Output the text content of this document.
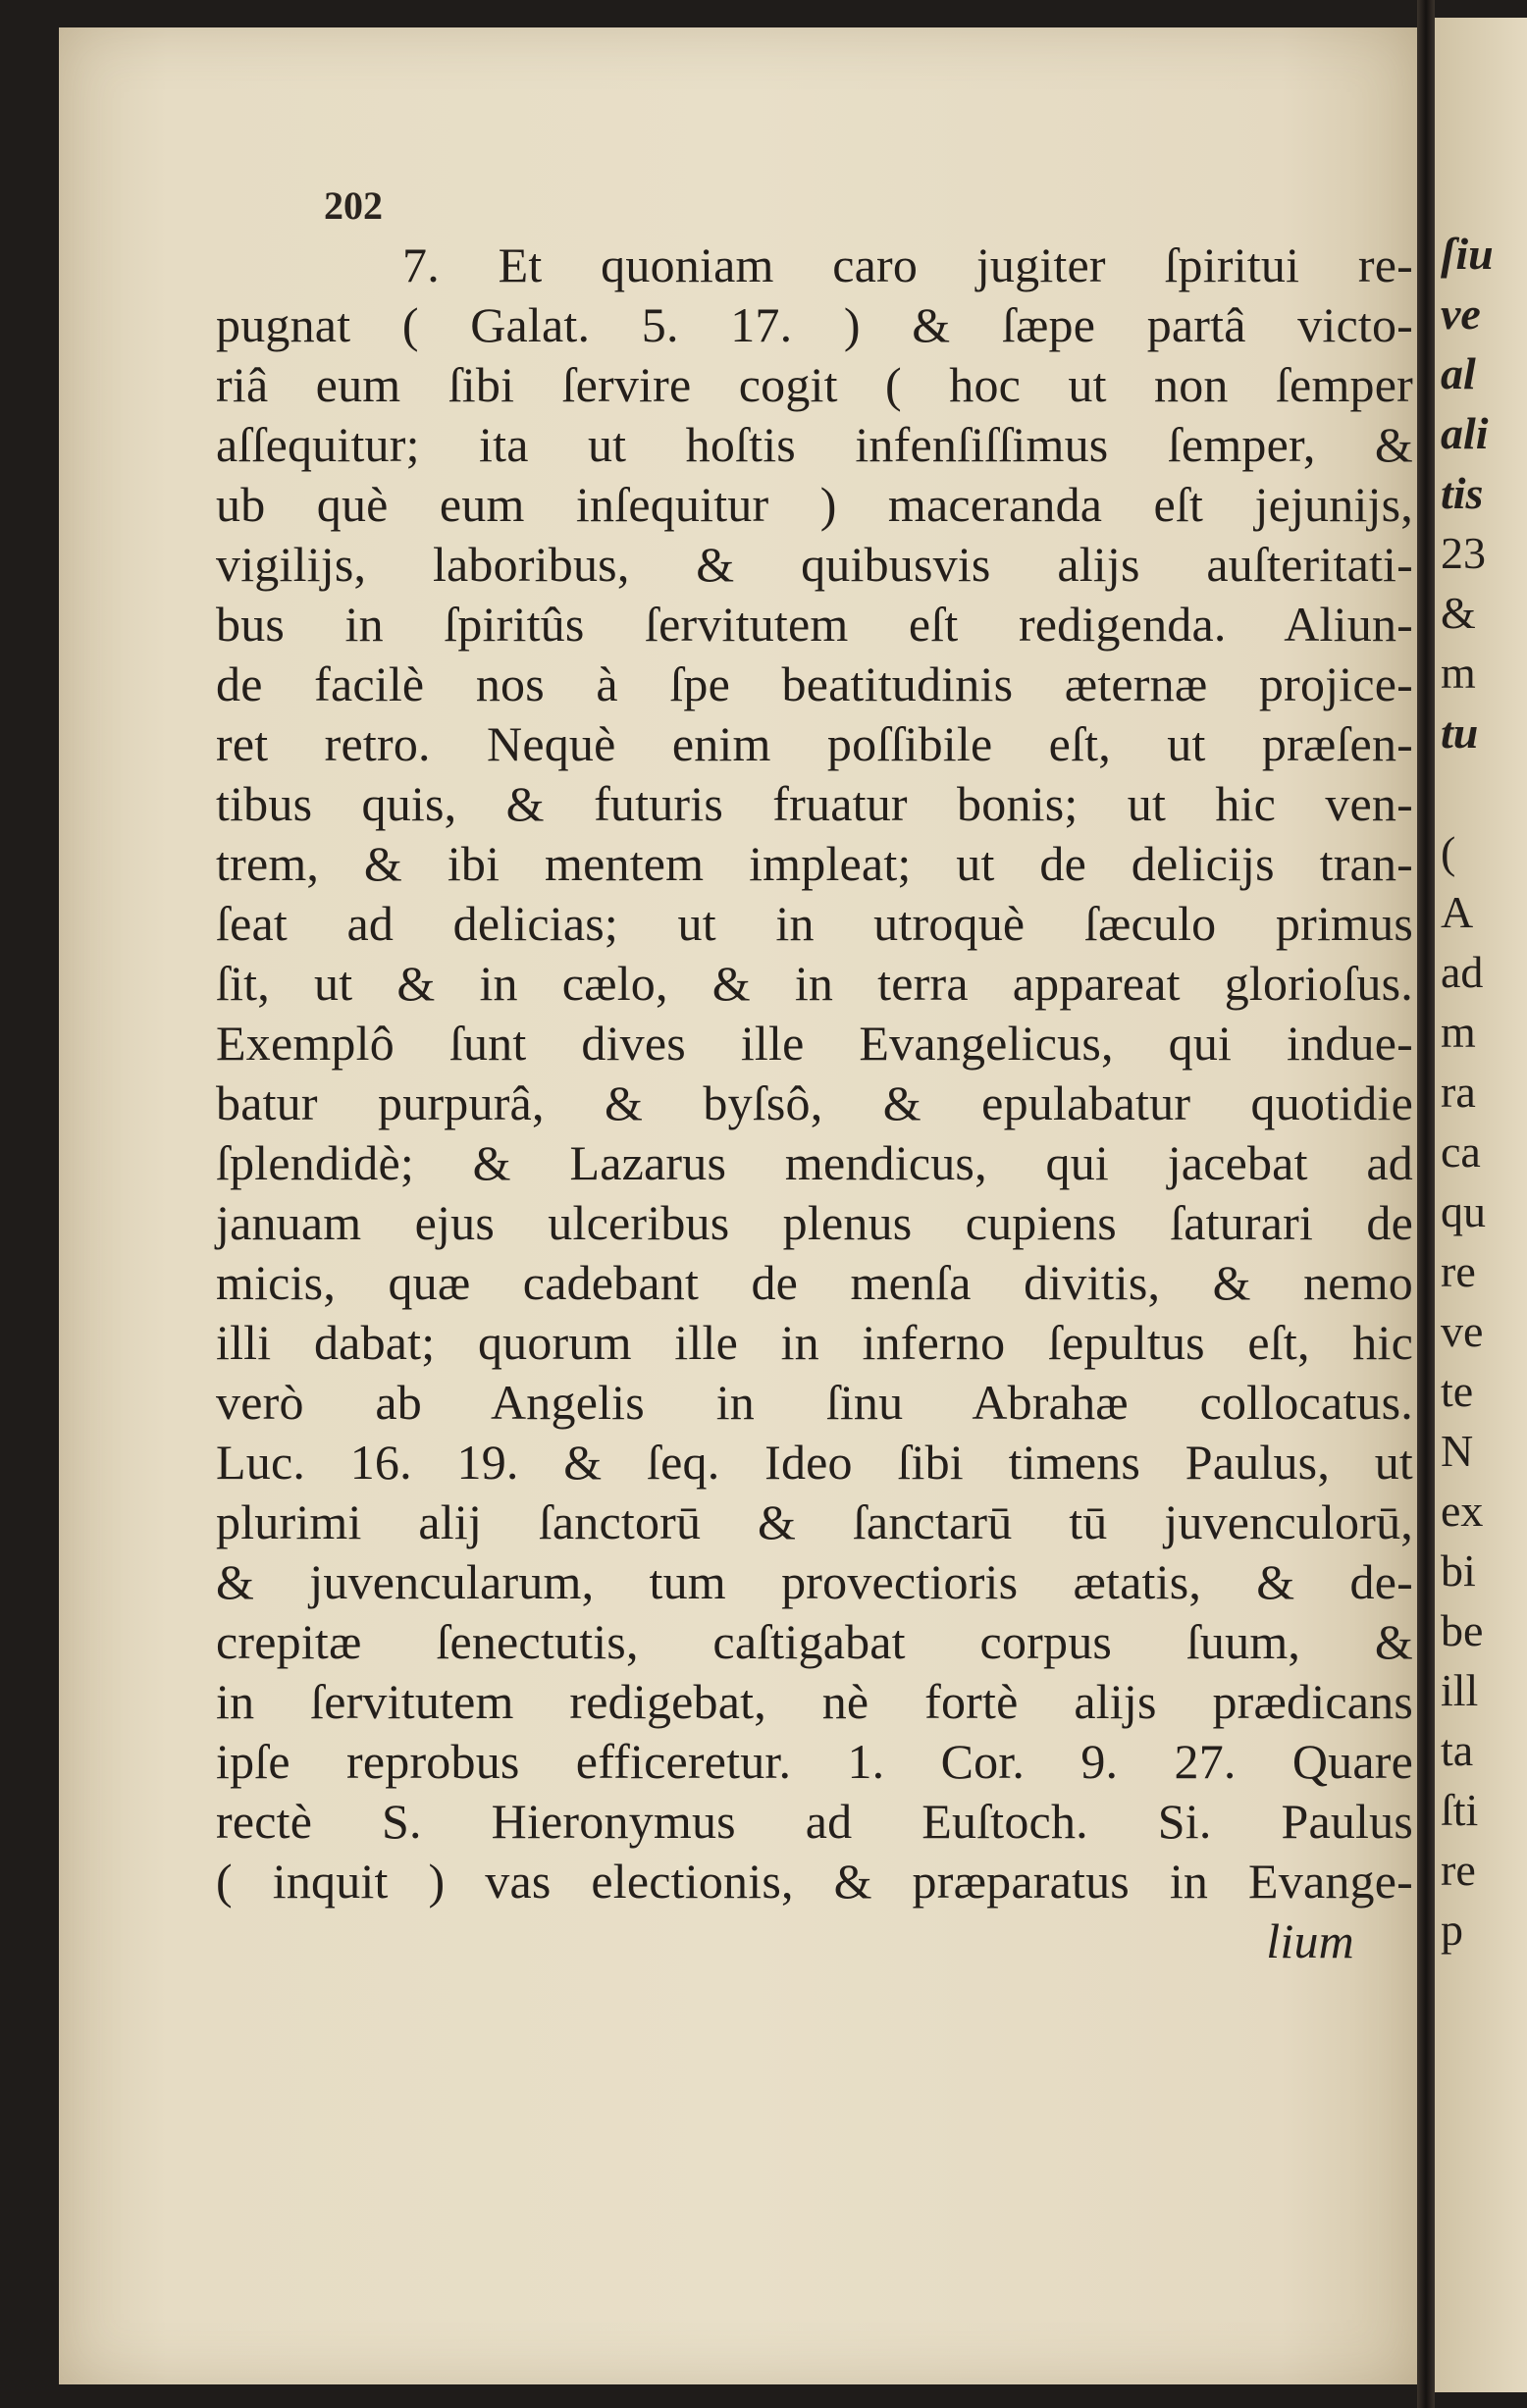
202

7. Et quoniam caro jugiter ſpiritui re-
pugnat ( Galat. 5. 17. ) & ſæpe partâ victo-
riâ eum ſibi ſervire cogit ( hoc ut non ſemper
aſſequitur; ita ut hoſtis infenſiſſimus ſemper, &
ub què eum inſequitur ) maceranda eſt jejunijs,
vigilijs, laboribus, & quibusvis alijs auſteritati-
bus in ſpiritûs ſervitutem eſt redigenda. Aliun-
de facilè nos à ſpe beatitudinis æternæ projice-
ret retro. Nequè enim poſſibile eſt, ut præſen-
tibus quis, & futuris fruatur bonis; ut hic ven-
trem, & ibi mentem impleat; ut de delicijs tran-
ſeat ad delicias; ut in utroquè ſæculo primus
ſit, ut & in cælo, & in terra appareat glorioſus.
Exemplô ſunt dives ille Evangelicus, qui indue-
batur purpurâ, & byſsô, & epulabatur quotidie
ſplendidè; & Lazarus mendicus, qui jacebat ad
januam ejus ulceribus plenus cupiens ſaturari de
micis, quæ cadebant de menſa divitis, & nemo
illi dabat; quorum ille in inferno ſepultus eſt, hic
verò ab Angelis in ſinu Abrahæ collocatus.
Luc. 16. 19. & ſeq. Ideo ſibi timens Paulus, ut
plurimi alij ſanctorū & ſanctarū tū juvenculorū,
& juvencularum, tum provectioris ætatis, & de-
crepitæ ſenectutis, caſtigabat corpus ſuum, &
in ſervitutem redigebat, nè fortè alijs prædicans
ipſe reprobus efficeretur. 1. Cor. 9. 27. Quare
rectè S. Hieronymus ad Euſtoch. Si. Paulus
( inquit ) vas electionis, & præparatus in Evange-
lium
ſiu
ve
al
ali
tis
23
&
m
tu
(
A
ad
m
ra
ca
qu
re
ve
te
N
ex
bi
be
ill
ta
ſti
re
p
